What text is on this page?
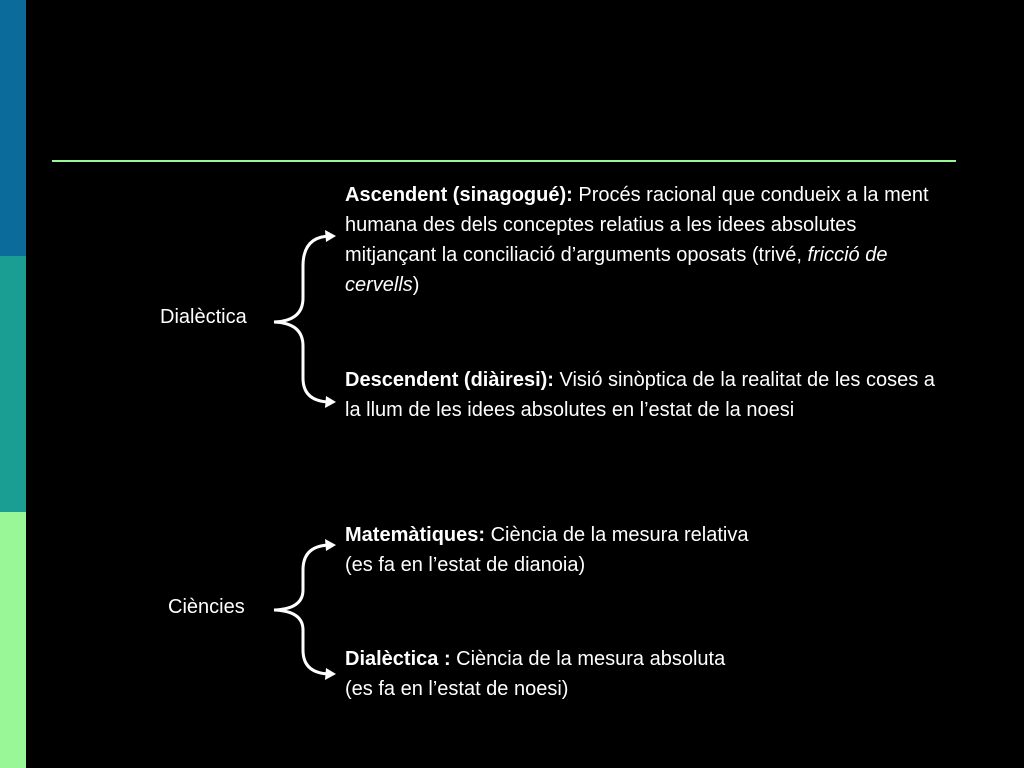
Dialèctica
Ascendent (sinagogué): Procés racional que condueix a la ment humana des dels conceptes relatius a les idees absolutes mitjançant la conciliació d’arguments oposats (trivé, fricció de cervells)
Descendent (diàiresi): Visió sinòptica de la realitat de les coses a la llum de les idees absolutes en l’estat de la noesi
Ciències
Matemàtiques: Ciència de la mesura relativa
(es fa en l’estat de dianoia)
Dialèctica : Ciència de la mesura absoluta
(es fa en l’estat de noesi)
